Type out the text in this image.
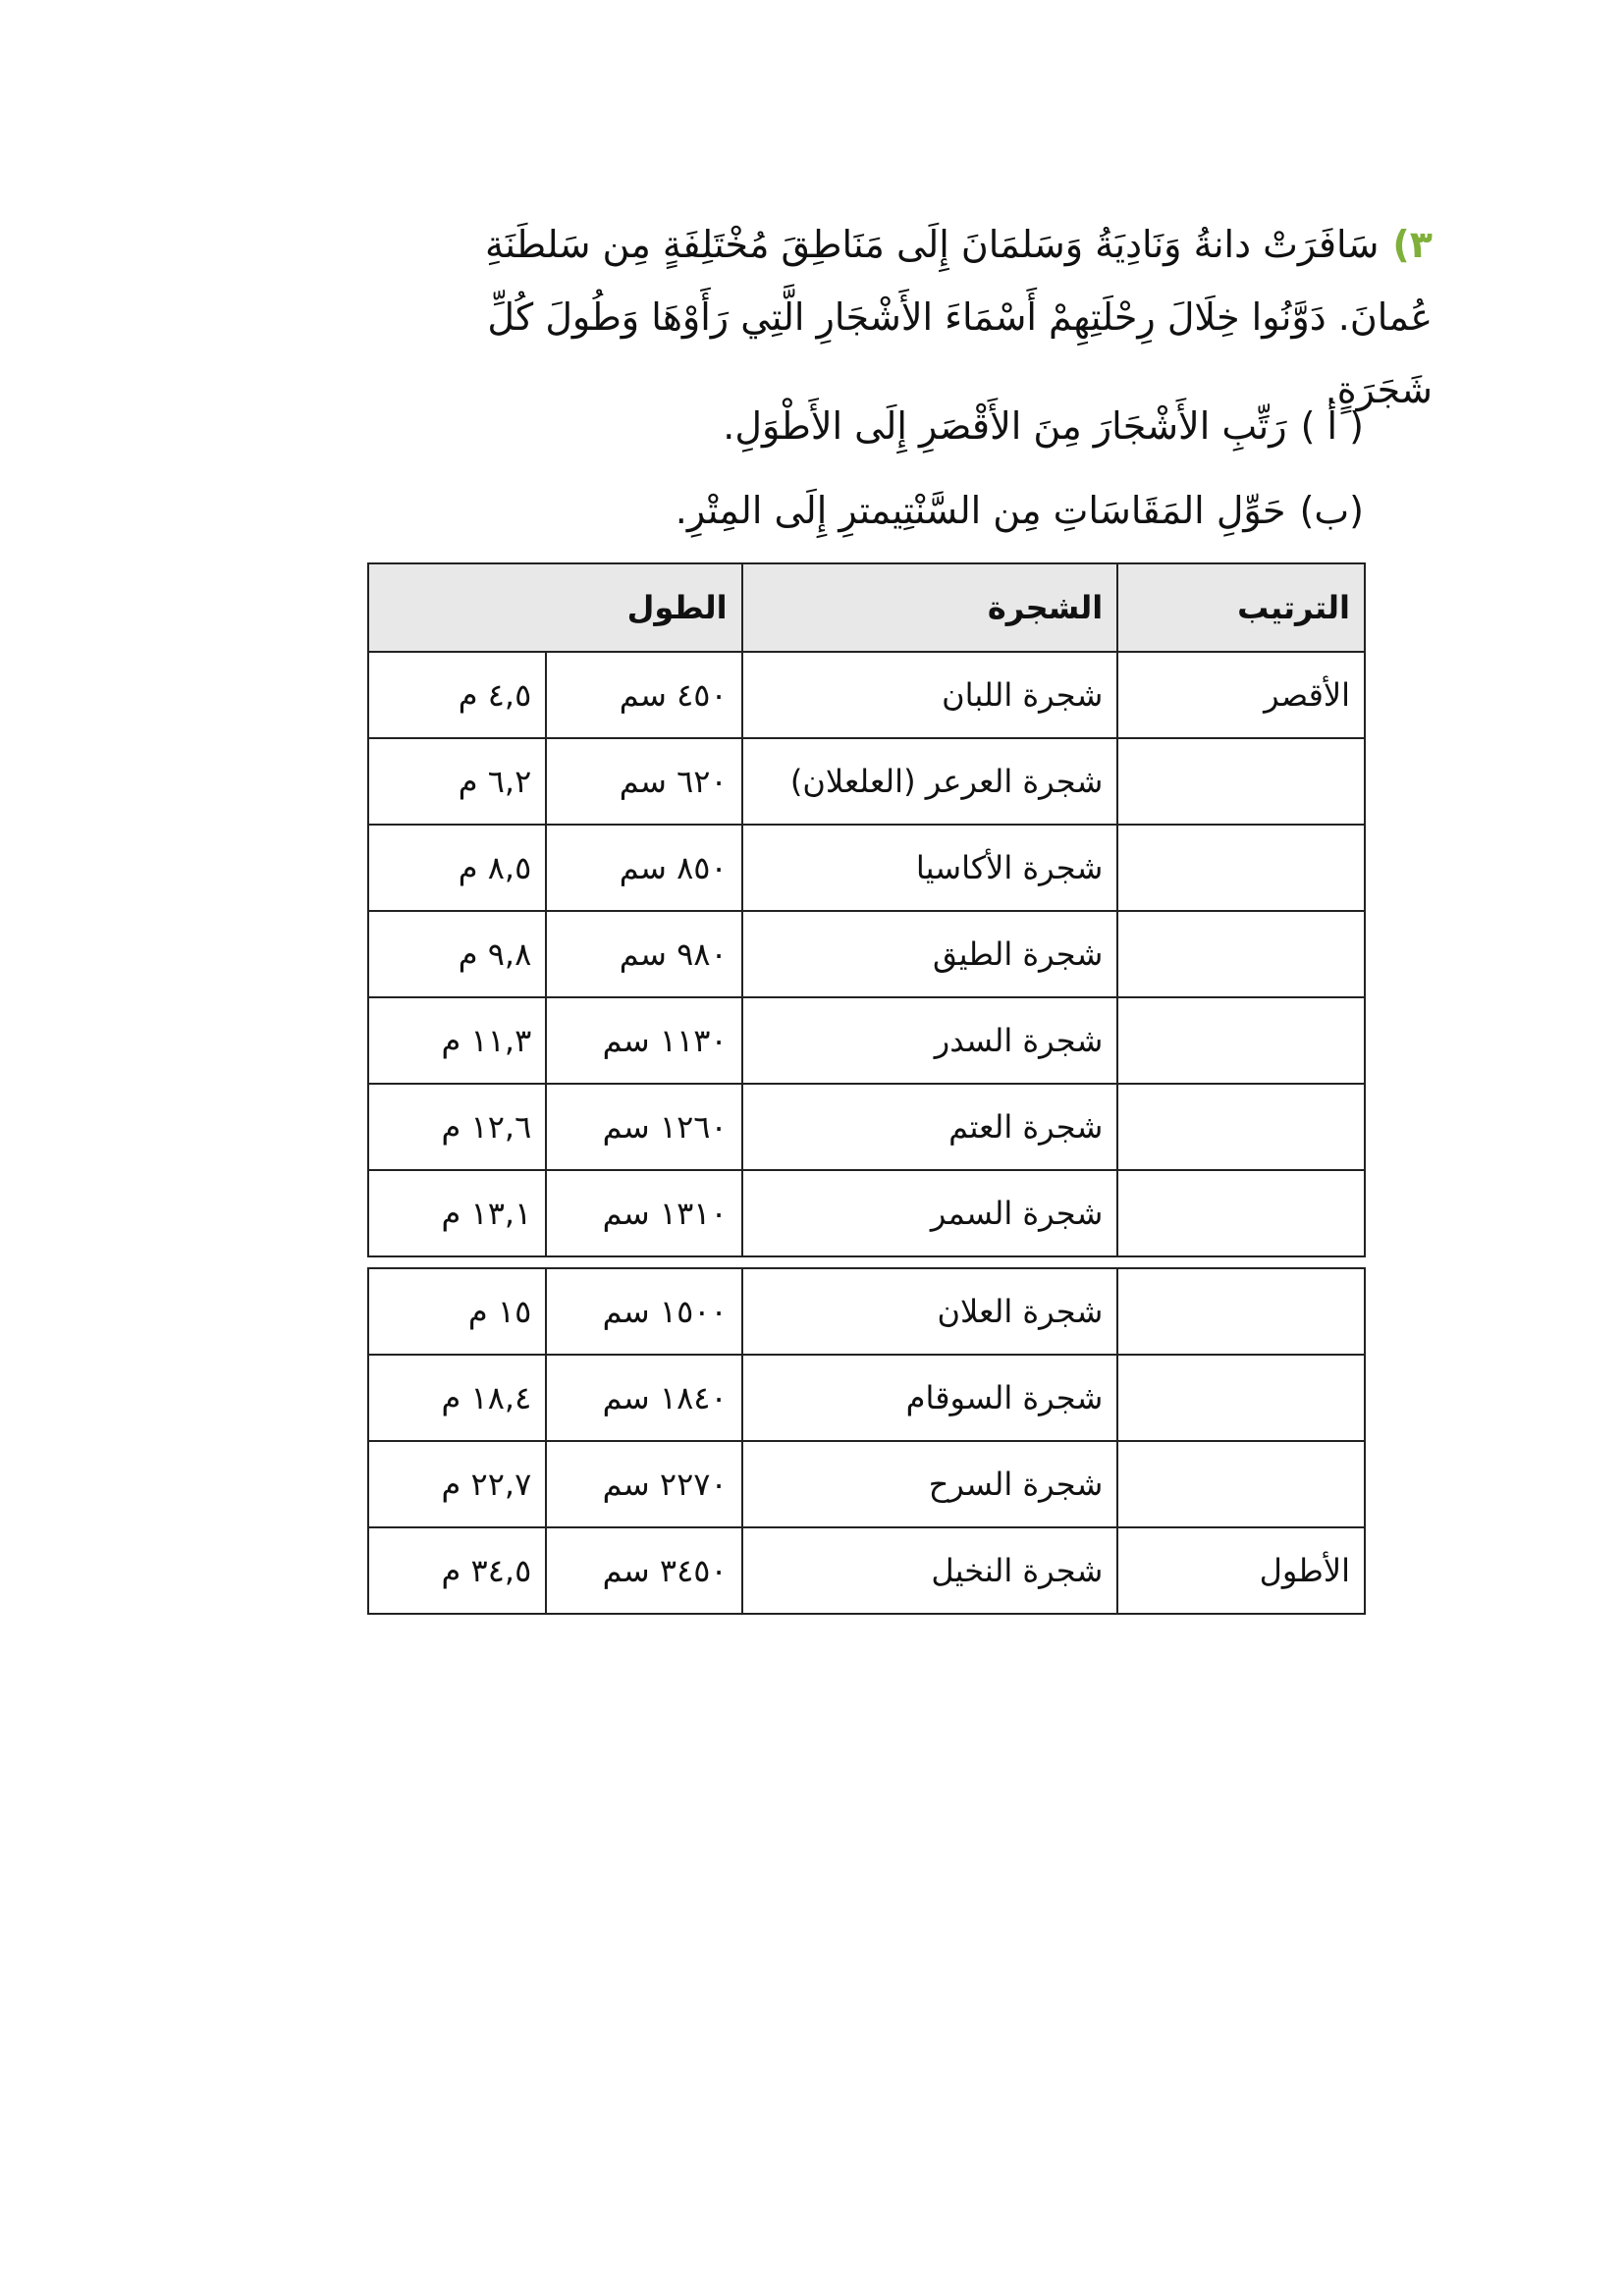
٣)سَافَرَتْ دانةُ وَنَادِيَةُ وَسَلمَانَ إِلَى مَنَاطِقَ مُخْتَلِفَةٍ مِن سَلطَنَةِ عُمانَ. دَوَّنُوا خِلَالَ رِحْلَتِهِمْ أَسْمَاءَ الأَشْجَارِ الَّتِي رَأَوْهَا وَطُولَ كُلِّ شَجَرَةٍ.
( أ )رَتِّبِ الأَشْجَارَ مِنَ الأَقْصَرِ إِلَى الأَطْوَلِ.
(ب)حَوِّلِ المَقَاسَاتِ مِن السَّنْتِيمترِ إِلَى المِتْرِ.
الترتيب	الشجرة	الطول	
الأقصر	شجرة اللبان	٤٥٠ سم	٤,٥ م
	شجرة العرعر (العلعلان)	٦٢٠ سم	٦,٢ م
	شجرة الأكاسيا	٨٥٠ سم	٨,٥ م
	شجرة الطيق	٩٨٠ سم	٩,٨ م
	شجرة السدر	١١٣٠ سم	١١,٣ م
	شجرة العتم	١٢٦٠ سم	١٢,٦ م
	شجرة السمر	١٣١٠ سم	١٣,١ م

	شجرة العلان	١٥٠٠ سم	١٥ م
	شجرة السوقام	١٨٤٠ سم	١٨,٤ م
	شجرة السرح	٢٢٧٠ سم	٢٢,٧ م
الأطول	شجرة النخيل	٣٤٥٠ سم	٣٤,٥ م
